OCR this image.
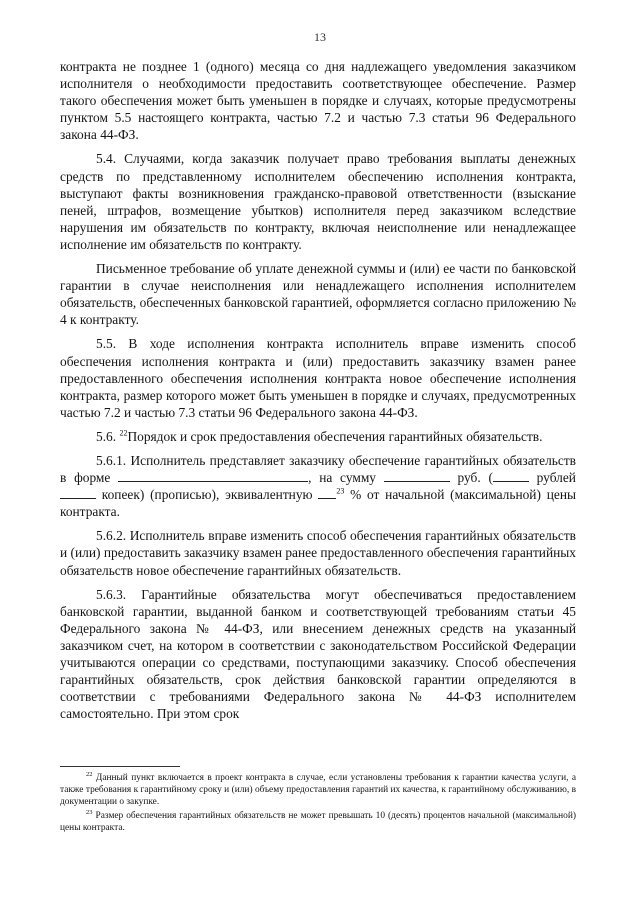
13

контракта не позднее 1 (одного) месяца со дня надлежащего уведомления заказчиком исполнителя о необходимости предоставить соответствующее обеспечение. Размер такого обеспечения может быть уменьшен в порядке и случаях, которые предусмотрены пунктом 5.5 настоящего контракта, частью 7.2 и частью 7.3 статьи 96 Федерального закона 44-ФЗ.

5.4. Случаями, когда заказчик получает право требования выплаты денежных средств по представленному исполнителем обеспечению исполнения контракта, выступают факты возникновения гражданско-правовой ответственности (взыскание пеней, штрафов, возмещение убытков) исполнителя перед заказчиком вследствие нарушения им обязательств по контракту, включая неисполнение или ненадлежащее исполнение им обязательств по контракту.

Письменное требование об уплате денежной суммы и (или) ее части по банковской гарантии в случае неисполнения или ненадлежащего исполнения исполнителем обязательств, обеспеченных банковской гарантией, оформляется согласно приложению № 4 к контракту.

5.5. В ходе исполнения контракта исполнитель вправе изменить способ обеспечения исполнения контракта и (или) предоставить заказчику взамен ранее предоставленного обеспечения исполнения контракта новое обеспечение исполнения контракта, размер которого может быть уменьшен в порядке и случаях, предусмотренных частью 7.2 и частью 7.3 статьи 96 Федерального закона 44-ФЗ.

5.6. $^{22}$Порядок и срок предоставления обеспечения гарантийных обязательств.

5.6.1. Исполнитель представляет заказчику обеспечение гарантийных обязательств в форме	, на сумму	руб. (	рублей  копеек) (прописью), эквивалентную	$^{23}$ % от начальной (максимальной) цены контракта.

5.6.2. Исполнитель вправе изменить способ обеспечения гарантийных обязательств и (или) предоставить заказчику взамен ранее предоставленного обеспечения гарантийных обязательств новое обеспечение гарантийных обязательств.

5.6.3. Гарантийные обязательства могут обеспечиваться предоставлением банковской гарантии, выданной банком и соответствующей требованиям статьи 45 Федерального закона № 44-ФЗ, или внесением денежных средств на указанный заказчиком счет, на котором в соответствии с законодательством Российской Федерации учитываются операции со средствами, поступающими заказчику. Способ обеспечения гарантийных обязательств, срок действия банковской гарантии определяются в соответствии с требованиями Федерального закона № 44-ФЗ исполнителем самостоятельно. При этом срок

$^{22}$ Данный пункт включается в проект контракта в случае, если установлены требования к гарантии качества услуги, а также требования к гарантийному сроку и (или) объему предоставления гарантий их качества, к гарантийному обслуживанию, в документации о закупке.

$^{23}$ Размер обеспечения гарантийных обязательств не может превышать 10 (десять) процентов начальной (максимальной) цены контракта.
